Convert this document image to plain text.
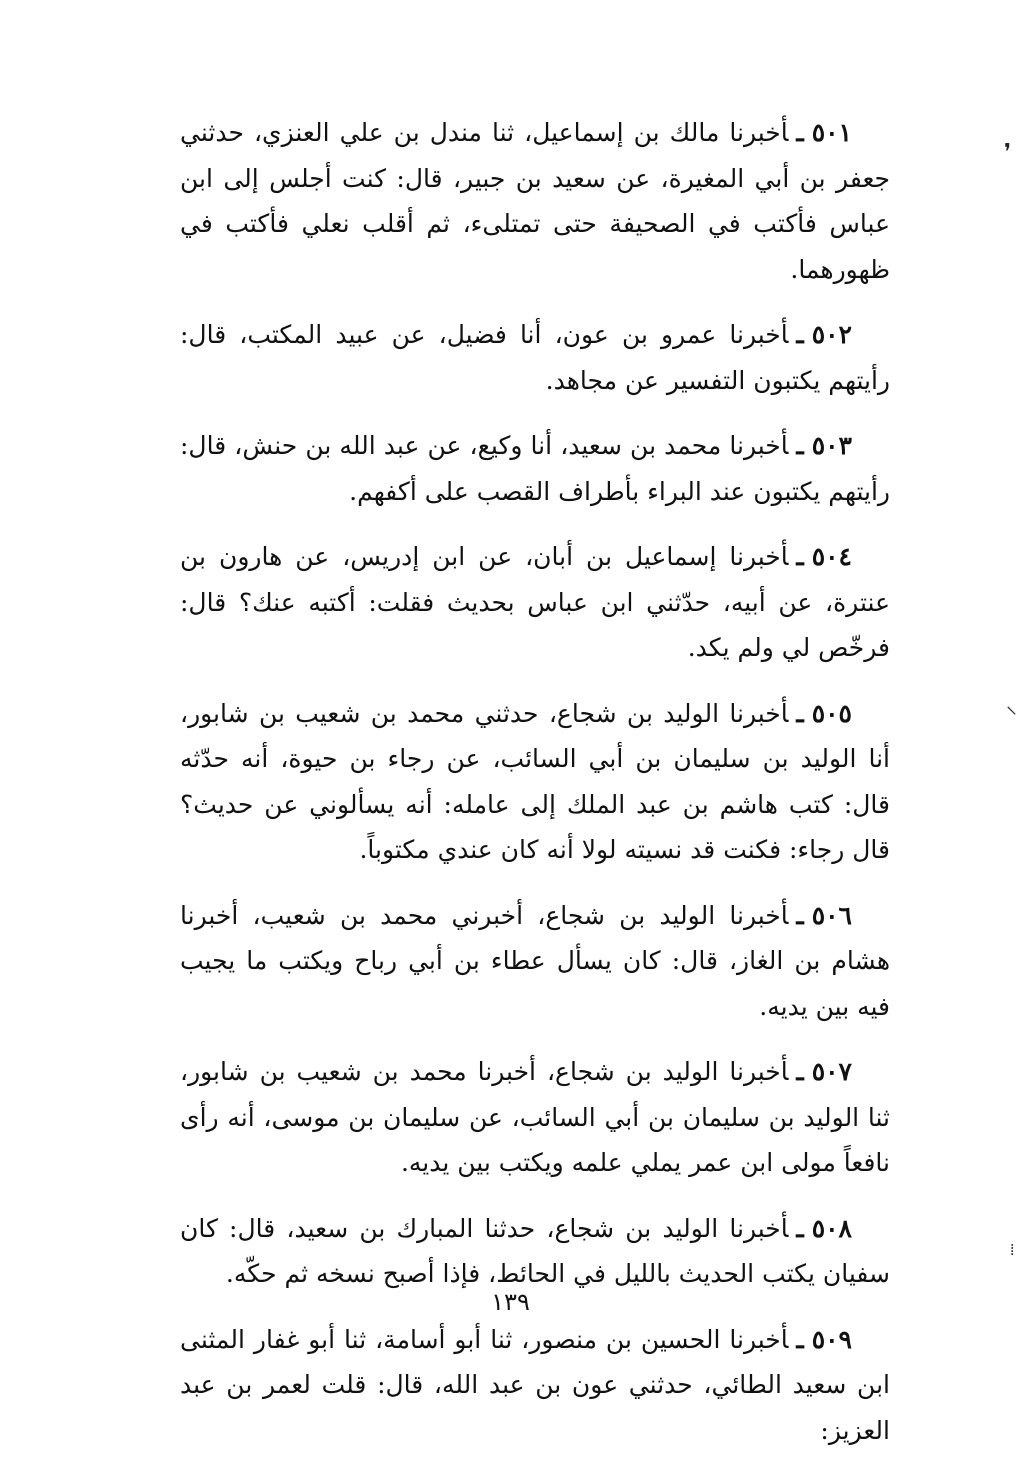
٥٠١ـأخبرنا مالك بن إسماعيل، ثنا مندل بن علي العنزي، حدثني جعفر بن أبي المغيرة، عن سعيد بن جبير، قال: كنت أجلس إلى ابن عباس فأكتب في الصحيفة حتى تمتلىء، ثم أقلب نعلي فأكتب في ظهورهما.

٥٠٢ـأخبرنا عمرو بن عون، أنا فضيل، عن عبيد المكتب، قال: رأيتهم يكتبون التفسير عن مجاهد.

٥٠٣ـأخبرنا محمد بن سعيد، أنا وكيع، عن عبد الله بن حنش، قال: رأيتهم يكتبون عند البراء بأطراف القصب على أكفهم.

٥٠٤ـأخبرنا إسماعيل بن أبان، عن ابن إدريس، عن هارون بن عنترة، عن أبيه، حدّثني ابن عباس بحديث فقلت: أكتبه عنك؟ قال: فرخّص لي ولم يكد.

٥٠٥ـأخبرنا الوليد بن شجاع، حدثني محمد بن شعيب بن شابور، أنا الوليد بن سليمان بن أبي السائب، عن رجاء بن حيوة، أنه حدّثه قال: كتب هاشم بن عبد الملك إلى عامله: أنه يسألوني عن حديث؟ قال رجاء: فكنت قد نسيته لولا أنه كان عندي مكتوباً.

٥٠٦ـأخبرنا الوليد بن شجاع، أخبرني محمد بن شعيب، أخبرنا هشام بن الغاز، قال: كان يسأل عطاء بن أبي رباح ويكتب ما يجيب فيه بين يديه.

٥٠٧ـأخبرنا الوليد بن شجاع، أخبرنا محمد بن شعيب بن شابور، ثنا الوليد بن سليمان بن أبي السائب، عن سليمان بن موسى، أنه رأى نافعاً مولى ابن عمر يملي علمه ويكتب بين يديه.

٥٠٨ـأخبرنا الوليد بن شجاع، حدثنا المبارك بن سعيد، قال: كان سفيان يكتب الحديث بالليل في الحائط، فإذا أصبح نسخه ثم حكّه.

٥٠٩ـأخبرنا الحسين بن منصور، ثنا أبو أسامة، ثنا أبو غفار المثنى ابن سعيد الطائي، حدثني عون بن عبد الله، قال: قلت لعمر بن عبد العزيز:

١٣٩
❜
⸜
⁞
